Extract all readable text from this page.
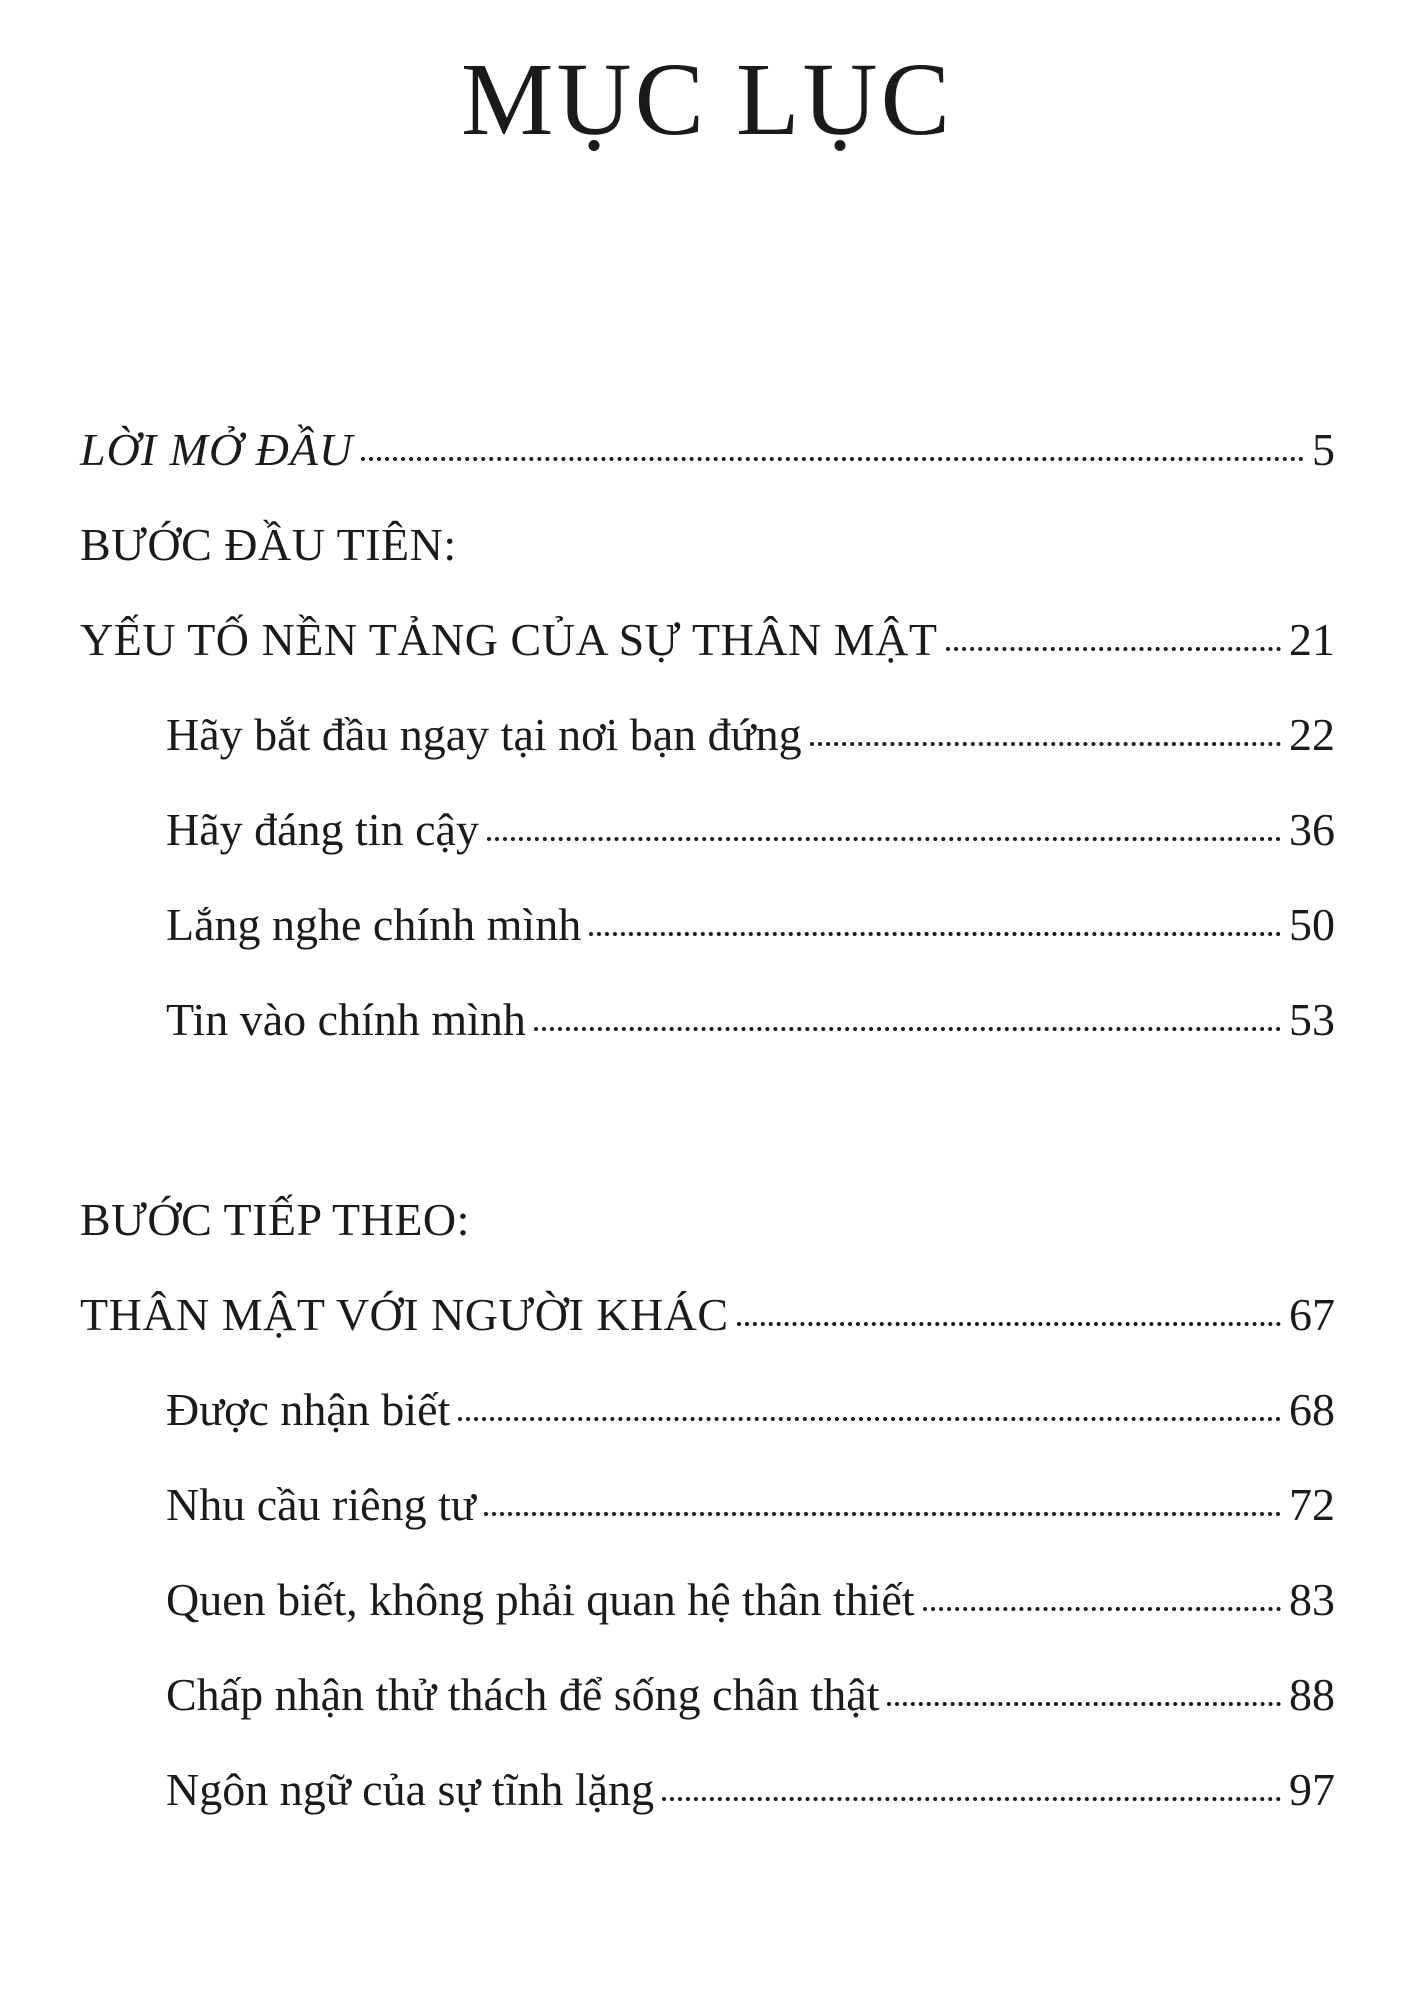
MỤC LỤC
LỜI MỞ ĐẦU	5
BƯỚC ĐẦU TIÊN:
YẾU TỐ NỀN TẢNG CỦA SỰ THÂN MẬT	21
Hãy bắt đầu ngay tại nơi bạn đứng	22
Hãy đáng tin cậy	36
Lắng nghe chính mình	50
Tin vào chính mình	53
BƯỚC TIẾP THEO:
THÂN MẬT VỚI NGƯỜI KHÁC	67
Được nhận biết	68
Nhu cầu riêng tư	72
Quen biết, không phải quan hệ thân thiết	83
Chấp nhận thử thách để sống chân thật	88
Ngôn ngữ của sự tĩnh lặng	97
